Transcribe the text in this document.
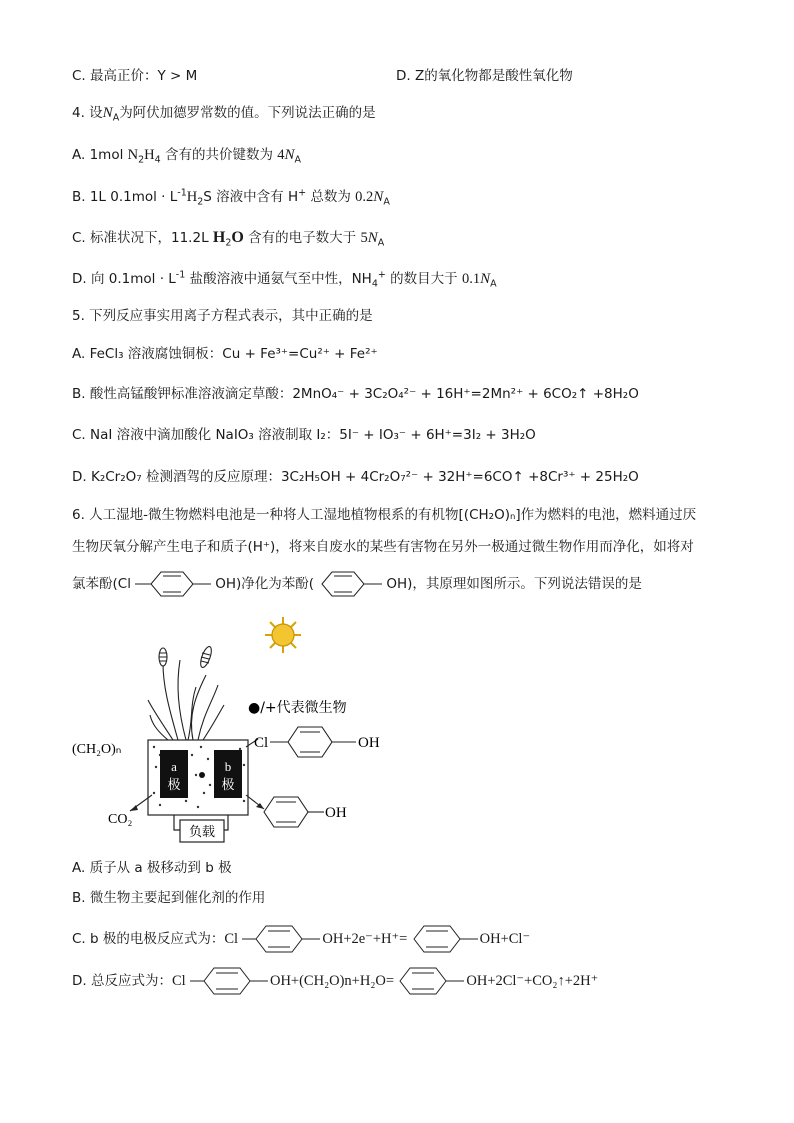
C. 最高正价：Y > M	D. Z的氧化物都是酸性氧化物
4. 设$N_A$为阿伏加德罗常数的值。下列说法正确的是
A. 1mol $N_2H_4$ 含有的共价键数为 $4N_A$
B. 1L $0.1mol \cdot L^{-1}H_2S$ 溶液中含有 H+ 总数为 $0.2N_A$
C. 标准状况下，11.2L $H_2O$ 含有的电子数大于 $5N_A$
D. 向 $0.1mol \cdot L^{-1}$ 盐酸溶液中通氨气至中性，$NH_4^+$ 的数目大于 $0.1N_A$
5. 下列反应事实用离子方程式表示，其中正确的是
A. FeCl₃ 溶液腐蚀铜板：Cu + Fe³⁺=Cu²⁺ + Fe²⁺
B. 酸性高锰酸钾标准溶液滴定草酸：2MnO₄⁻ + 3C₂O₄²⁻ + 16H⁺=2Mn²⁺ + 6CO₂↑ +8H₂O
C. NaI 溶液中滴加酸化 NaIO₃ 溶液制取 I₂：5I⁻ + IO₃⁻ + 6H⁺=3I₂ + 3H₂O
D. K₂Cr₂O₇ 检测酒驾的反应原理：3C₂H₅OH + 4Cr₂O₇²⁻ + 32H⁺=6CO↑ +8Cr³⁺ + 25H₂O
6. 人工湿地-微生物燃料电池是一种将人工湿地植物根系的有机物[(CH₂O)ₙ]作为燃料的电池，燃料通过厌
生物厌氧分解产生电子和质子(H⁺)，将来自废水的某些有害物在另外一极通过微生物作用而净化，如将对
氯苯酚(Cl	OH)净化为苯酚(	OH)，其原理如图所示。下列说法错误的是
a
极
b
极
负载
(CH₂O)ₙ
CO₂
●/+代表微生物
Cl	OH
OH
A. 质子从 a 极移动到 b 极
B. 微生物主要起到催化剂的作用
C. b 极的电极反应式为：Cl	OH+2e⁻+H⁺=	OH+Cl⁻
D. 总反应式为：Cl	OH+(CH₂O)n+H₂O=	OH+2Cl⁻+CO₂↑+2H⁺
